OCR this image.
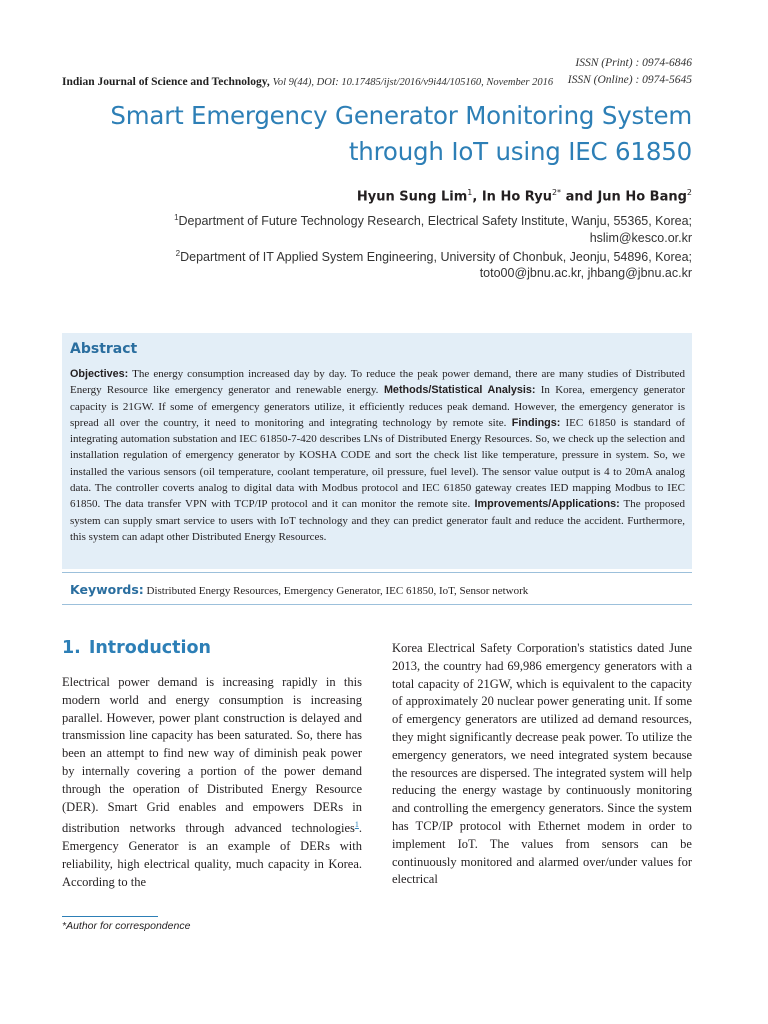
ISSN (Print) : 0974-6846
ISSN (Online) : 0974-5645
Indian Journal of Science and Technology, Vol 9(44), DOI: 10.17485/ijst/2016/v9i44/105160, November 2016
Smart Emergency Generator Monitoring System through IoT using IEC 61850
Hyun Sung Lim$^1$, In Ho Ryu$^{2*}$ and Jun Ho Bang$^2$
$^1$Department of Future Technology Research, Electrical Safety Institute, Wanju, 55365, Korea;
hslim@kesco.or.kr
$^2$Department of IT Applied System Engineering, University of Chonbuk, Jeonju, 54896, Korea;
toto00@jbnu.ac.kr, jhbang@jbnu.ac.kr
Abstract
Objectives: The energy consumption increased day by day. To reduce the peak power demand, there are many studies of Distributed Energy Resource like emergency generator and renewable energy. Methods/Statistical Analysis: In Korea, emergency generator capacity is 21GW. If some of emergency generators utilize, it efficiently reduces peak demand. However, the emergency generator is spread all over the country, it need to monitoring and integrating technology by remote site. Findings: IEC 61850 is standard of integrating automation substation and IEC 61850-7-420 describes LNs of Distributed Energy Resources. So, we check up the selection and installation regulation of emergency generator by KOSHA CODE and sort the check list like temperature, pressure in system. So, we installed the various sensors (oil temperature, coolant temperature, oil pressure, fuel level). The sensor value output is 4 to 20mA analog data. The controller coverts analog to digital data with Modbus protocol and IEC 61850 gateway creates IED mapping Modbus to IEC 61850. The data transfer VPN with TCP/IP protocol and it can monitor the remote site. Improvements/Applications: The proposed system can supply smart service to users with IoT technology and they can predict generator fault and reduce the accident. Furthermore, this system can adapt other Distributed Energy Resources.
Keywords: Distributed Energy Resources, Emergency Generator, IEC 61850, IoT, Sensor network
1. Introduction
Electrical power demand is increasing rapidly in this modern world and energy consumption is increasing parallel. However, power plant construction is delayed and transmission line capacity has been saturated. So, there has been an attempt to find new way of diminish peak power by internally covering a portion of the power demand through the operation of Distributed Energy Resource (DER). Smart Grid enables and empowers DERs in distribution networks through advanced technologies$^1$. Emergency Generator is an example of DERs with reliability, high electrical quality, much capacity in Korea. According to the
Korea Electrical Safety Corporation's statistics dated June 2013, the country had 69,986 emergency generators with a total capacity of 21GW, which is equivalent to the capacity of approximately 20 nuclear power generating unit. If some of emergency generators are utilized ad demand resources, they might significantly decrease peak power. To utilize the emergency generators, we need integrated system because the resources are dispersed. The integrated system will help reducing the energy wastage by continuously monitoring and controlling the emergency generators. Since the system has TCP/IP protocol with Ethernet modem in order to implement IoT. The values from sensors can be continuously monitored and alarmed over/under values for electrical
*Author for correspondence
